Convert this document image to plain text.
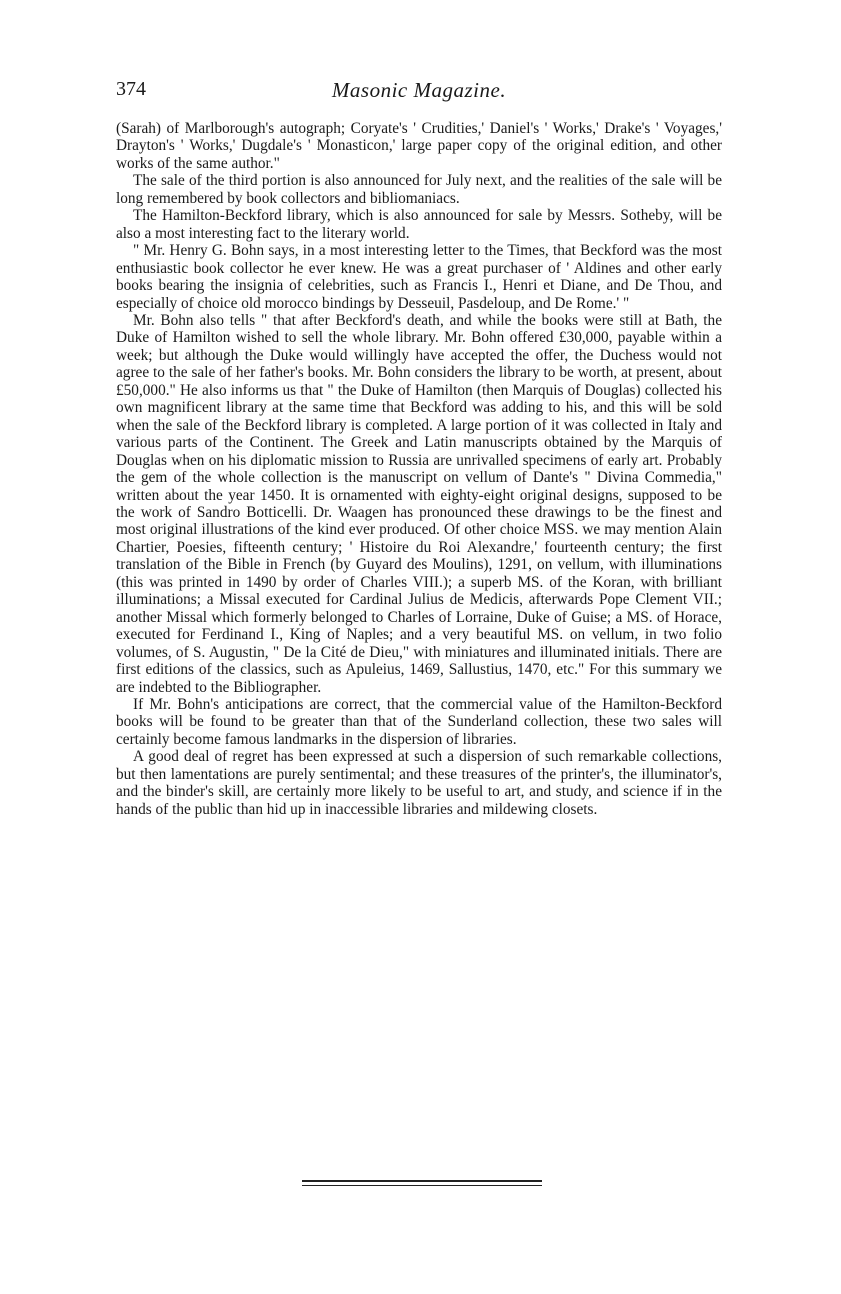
374	Masonic Magazine.

(Sarah) of Marlborough's autograph; Coryate's ' Crudities,' Daniel's ' Works,' Drake's ' Voyages,' Drayton's ' Works,' Dugdale's ' Monasticon,' large paper copy of the original edition, and other works of the same author."

The sale of the third portion is also announced for July next, and the realities of the sale will be long remembered by book collectors and bibliomaniacs.

The Hamilton-Beckford library, which is also announced for sale by Messrs. Sotheby, will be also a most interesting fact to the literary world.

" Mr. Henry G. Bohn says, in a most interesting letter to the Times, that Beckford was the most enthusiastic book collector he ever knew. He was a great purchaser of ' Aldines and other early books bearing the insignia of celebrities, such as Francis I., Henri et Diane, and De Thou, and especially of choice old morocco bindings by Desseuil, Pasdeloup, and De Rome.' "

Mr. Bohn also tells " that after Beckford's death, and while the books were still at Bath, the Duke of Hamilton wished to sell the whole library. Mr. Bohn offered £30,000, payable within a week; but although the Duke would willingly have accepted the offer, the Duchess would not agree to the sale of her father's books. Mr. Bohn considers the library to be worth, at present, about £50,000." He also informs us that " the Duke of Hamilton (then Marquis of Douglas) collected his own magnificent library at the same time that Beckford was adding to his, and this will be sold when the sale of the Beckford library is completed. A large portion of it was collected in Italy and various parts of the Continent. The Greek and Latin manuscripts obtained by the Marquis of Douglas when on his diplomatic mission to Russia are unrivalled specimens of early art. Probably the gem of the whole collection is the manuscript on vellum of Dante's " Divina Commedia," written about the year 1450. It is ornamented with eighty-eight original designs, supposed to be the work of Sandro Botticelli. Dr. Waagen has pronounced these drawings to be the finest and most original illustrations of the kind ever produced. Of other choice MSS. we may mention Alain Chartier, Poesies, fifteenth century; ' Histoire du Roi Alexandre,' fourteenth century; the first translation of the Bible in French (by Guyard des Moulins), 1291, on vellum, with illuminations (this was printed in 1490 by order of Charles VIII.); a superb MS. of the Koran, with brilliant illuminations; a Missal executed for Cardinal Julius de Medicis, afterwards Pope Clement VII.; another Missal which formerly belonged to Charles of Lorraine, Duke of Guise; a MS. of Horace, executed for Ferdinand I., King of Naples; and a very beautiful MS. on vellum, in two folio volumes, of S. Augustin, " De la Cité de Dieu," with miniatures and illuminated initials. There are first editions of the classics, such as Apuleius, 1469, Sallustius, 1470, etc." For this summary we are indebted to the Bibliographer.

If Mr. Bohn's anticipations are correct, that the commercial value of the Hamilton-Beckford books will be found to be greater than that of the Sunderland collection, these two sales will certainly become famous landmarks in the dispersion of libraries.

A good deal of regret has been expressed at such a dispersion of such remarkable collections, but then lamentations are purely sentimental; and these treasures of the printer's, the illuminator's, and the binder's skill, are certainly more likely to be useful to art, and study, and science if in the hands of the public than hid up in inaccessible libraries and mildewing closets.
